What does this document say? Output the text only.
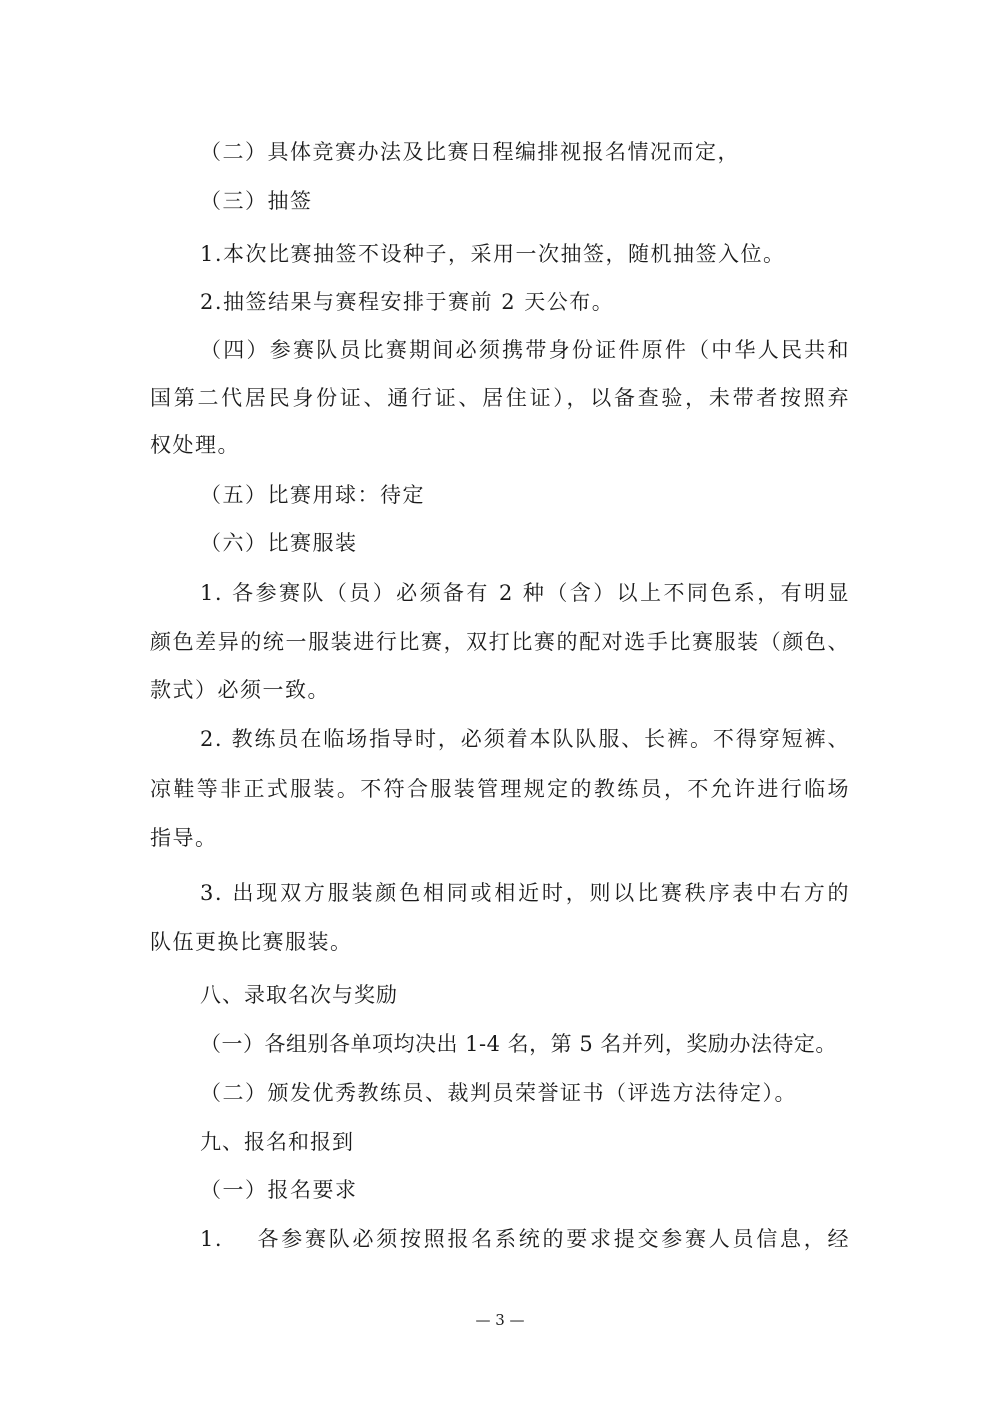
（二）具体竞赛办法及比赛日程编排视报名情况而定，
（三）抽签
1.本次比赛抽签不设种子，采用一次抽签，随机抽签入位。
2.抽签结果与赛程安排于赛前 2 天公布。
（四）参赛队员比赛期间必须携带身份证件原件（中华人民共和
国第二代居民身份证、通行证、居住证），以备查验，未带者按照弃
权处理。
（五）比赛用球：待定
（六）比赛服装
1. 各参赛队（员）必须备有 2 种（含）以上不同色系，有明显
颜色差异的统一服装进行比赛，双打比赛的配对选手比赛服装（颜色、
款式）必须一致。
2. 教练员在临场指导时，必须着本队队服、长裤。不得穿短裤、
凉鞋等非正式服装。不符合服装管理规定的教练员，不允许进行临场
指导。
3. 出现双方服装颜色相同或相近时，则以比赛秩序表中右方的
队伍更换比赛服装。
八、录取名次与奖励
（一）各组别各单项均决出 1-4 名，第 5 名并列，奖励办法待定。
（二）颁发优秀教练员、裁判员荣誉证书（评选方法待定）。
九、报名和报到
（一）报名要求
1.　 各参赛队必须按照报名系统的要求提交参赛人员信息，经
— 3 —
